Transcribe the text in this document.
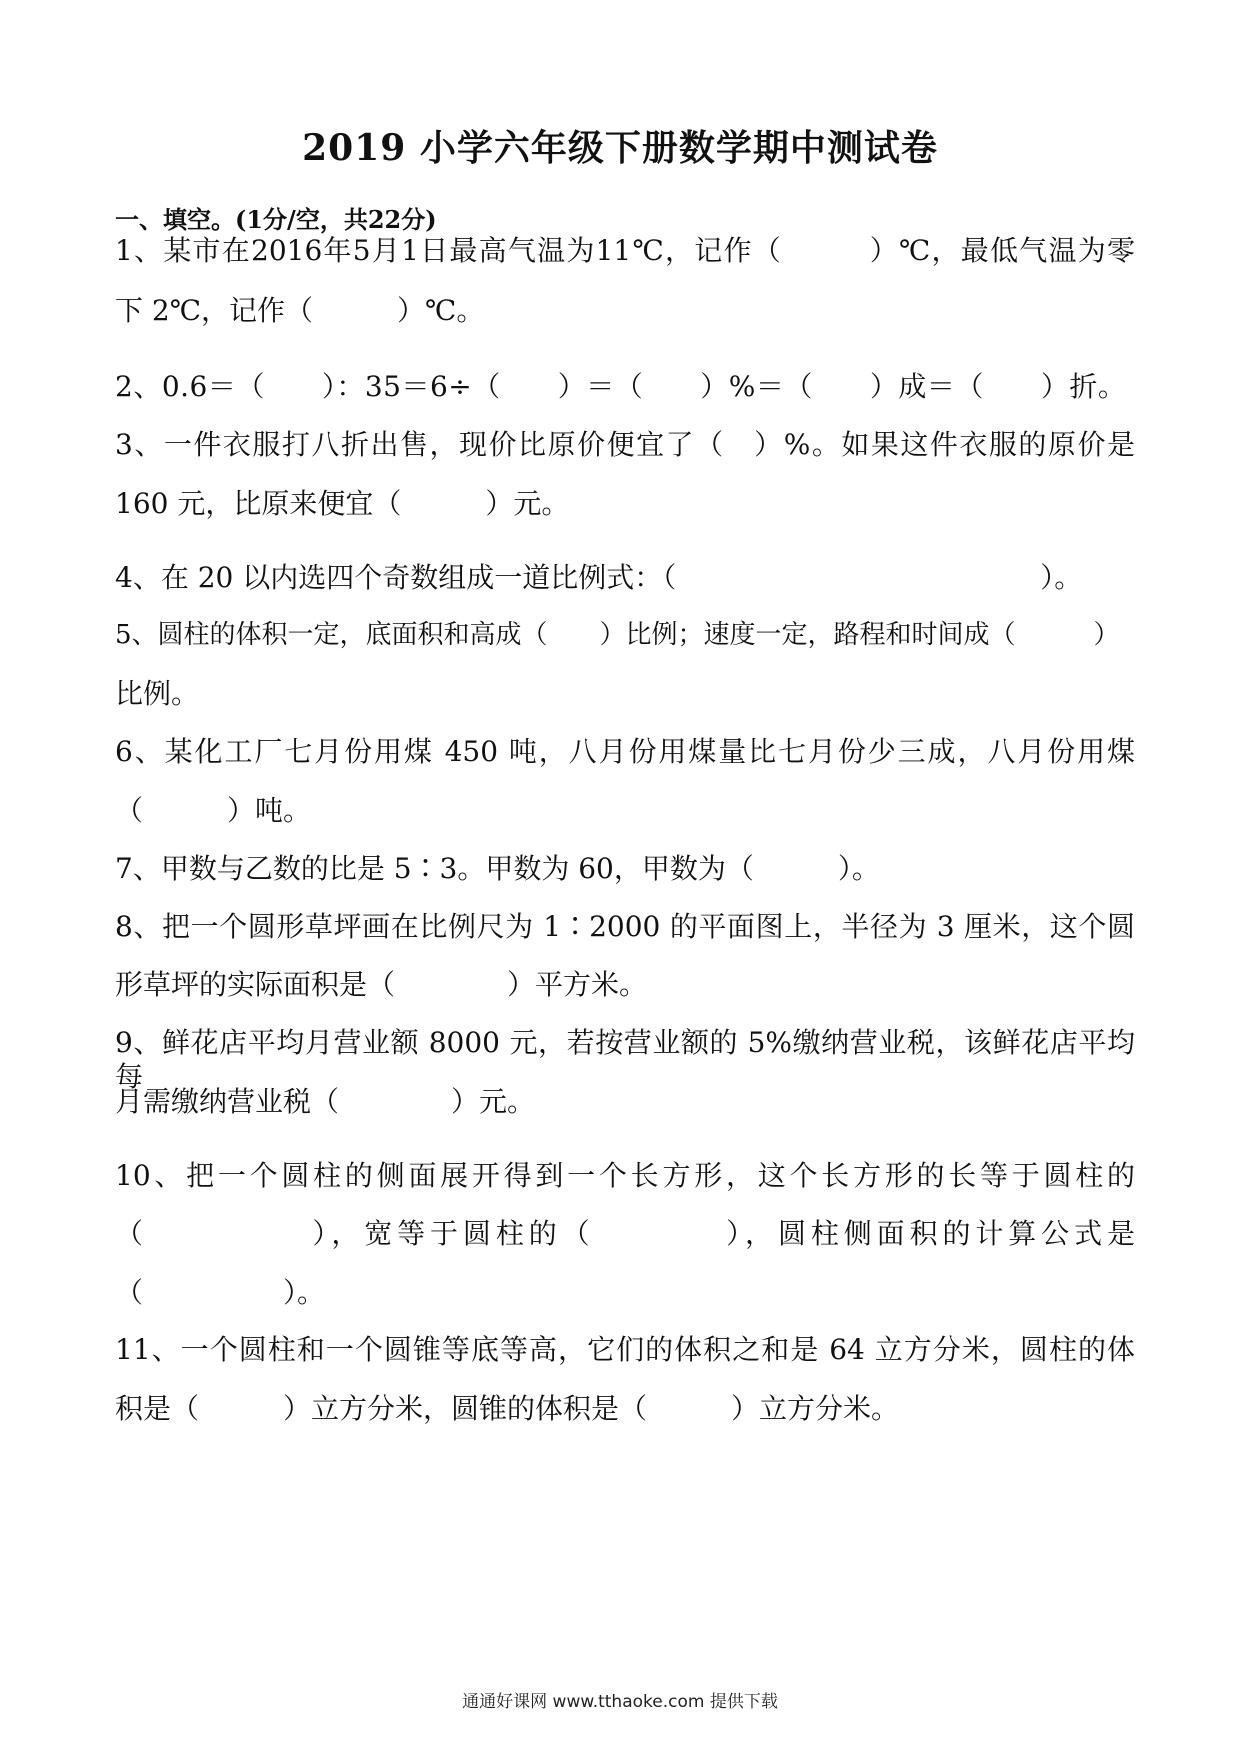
2019 小学六年级下册数学期中测试卷
一、填空。(1分/空，共22分)
1、某市在2016年5月1日最高气温为11℃，记作（　　　）℃，最低气温为零
下 2℃，记作（　　　）℃。
2、0.6＝（　　）：35＝6÷（　　）＝（　　）%＝（　　）成＝（　　）折。
3、一件衣服打八折出售，现价比原价便宜了（　）%。如果这件衣服的原价是
160 元，比原来便宜（　　　）元。
4、在 20 以内选四个奇数组成一道比例式：（　　　　　　　　　　　　　）。
5、圆柱的体积一定，底面积和高成（　　）比例；速度一定，路程和时间成（　　　）
比例。
6、某化工厂七月份用煤 450 吨，八月份用煤量比七月份少三成，八月份用煤
（　　　）吨。
7、甲数与乙数的比是 5∶3。甲数为 60，甲数为（　　　）。
8、把一个圆形草坪画在比例尺为 1∶2000 的平面图上，半径为 3 厘米，这个圆
形草坪的实际面积是（　　　　）平方米。
9、鲜花店平均月营业额 8000 元，若按营业额的 5%缴纳营业税，该鲜花店平均每
月需缴纳营业税（　　　　）元。
10、把一个圆柱的侧面展开得到一个长方形，这个长方形的长等于圆柱的
（　　　　　），宽等于圆柱的（　　　　），圆柱侧面积的计算公式是
（　　　　　）。
11、一个圆柱和一个圆锥等底等高，它们的体积之和是 64 立方分米，圆柱的体
积是（　　　）立方分米，圆锥的体积是（　　　）立方分米。
通通好课网 www.tthaoke.com 提供下载
